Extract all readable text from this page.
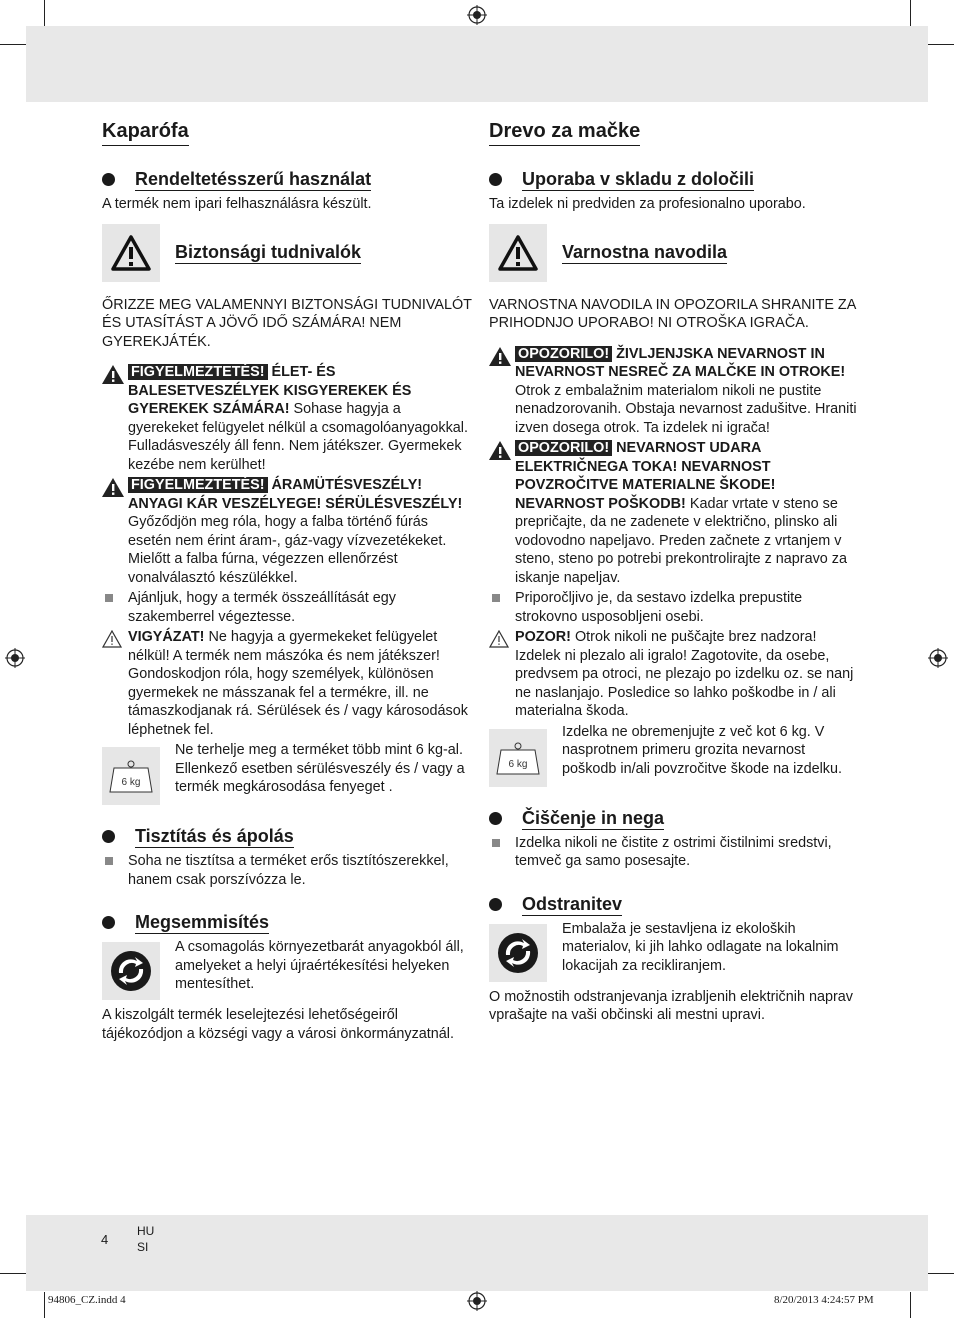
Kaparófa
Rendeltetésszerű használat

A termék nem ipari felhasználásra készült.

Biztonsági tudnivalók

ŐRIZZE MEG VALAMENNYI BIZTONSÁGI TUDNIVALÓT ÉS UTASÍTÁST A JÖVŐ IDŐ SZÁMÁRA! NEM GYEREKJÁTÉK.

FIGYELMEZTETÉS! ÉLET- ÉS BALESETVESZÉLYEK KISGYEREKEK ÉS GYEREKEK SZÁMÁRA! Sohase hagyja a gyerekeket felügyelet nélkül a csomagolóanyagokkal. Fulladásveszély áll fenn. Nem játékszer. Gyermekek kezébe nem kerülhet!

FIGYELMEZTETÉS! ÁRAMÜTÉSVESZÉLY! ANYAGI KÁR VESZÉLYEGE! SÉRÜLÉSVESZÉLY! Győződjön meg róla, hogy a falba történő fúrás esetén nem érint áram-, gáz-vagy vízvezetékeket. Mielőtt a falba fúrna, végezzen ellenőrzést vonalválasztó készülékkel.

Ajánljuk, hogy a termék összeállítását egy szakemberrel végeztesse.

VIGYÁZAT! Ne hagyja a gyermekeket felügyelet nélkül! A termék nem mászóka és nem játékszer! Gondoskodjon róla, hogy személyek, különösen gyermekek ne másszanak fel a termékre, ill. ne támaszkodjanak rá. Sérülések és / vagy károsodások léphetnek fel.

6 kg

Ne terhelje meg a terméket több mint 6 kg-al. Ellenkező esetben sérülésveszély és / vagy a termék megkárosodása fenyeget .

Tisztítás és ápolás

Soha ne tisztítsa a terméket erős tisztítószerekkel, hanem csak porszívózza le.

Megsemmisítés

A csomagolás környezetbarát anyagokból áll, amelyeket a helyi újraértékesítési helyeken mentesíthet.

A kiszolgált termék leselejtezési lehetőségeiről tájékozódjon a községi vagy a városi önkormányzatnál.

Drevo za mačke
Uporaba v skladu z določili

Ta izdelek ni predviden za profesionalno uporabo.

Varnostna navodila

VARNOSTNA NAVODILA IN OPOZORILA SHRANITE ZA PRIHODNJO UPORABO! NI OTROŠKA IGRAČA.

OPOZORILO! ŽIVLJENJSKA NEVARNOST IN NEVARNOST NESREČ ZA MALČKE IN OTROKE! Otrok z embalažnim materialom nikoli ne pustite nenadzorovanih. Obstaja nevarnost zadušitve. Hraniti izven dosega otrok. Ta izdelek ni igrača!

OPOZORILO! NEVARNOST UDARA ELEKTRIČNEGA TOKA! NEVARNOST POVZROČITVE MATERIALNE ŠKODE! NEVARNOST POŠKODB! Kadar vrtate v steno se prepričajte, da ne zadenete v električno, plinsko ali vodovodno napeljavo. Preden začnete z vrtanjem v steno, steno po potrebi prekontrolirajte z napravo za iskanje napeljav.

Priporočljivo je, da sestavo izdelka prepustite strokovno usposobljeni osebi.

POZOR! Otrok nikoli ne puščajte brez nadzora! Izdelek ni plezalo ali igralo! Zagotovite, da osebe, predvsem pa otroci, ne plezajo po izdelku oz. se nanj ne naslanjajo. Posledice so lahko poškodbe in / ali materialna škoda.

6 kg

Izdelka ne obremenjujte z več kot 6 kg. V nasprotnem primeru grozita nevarnost poškodb in/ali povzročitve škode na izdelku.

Čiščenje in nega

Izdelka nikoli ne čistite z ostrimi čistilnimi sredstvi, temveč ga samo posesajte.

Odstranitev

Embalaža je sestavljena iz ekoloških materialov, ki jih lahko odlagate na lokalnim lokacijah za recikliranjem.

O možnostih odstranjevanja izrabljenih električnih naprav vprašajte na vaši občinski ali mestni upravi.

4
HU
SI
94806_CZ.indd 4	8/20/2013 4:24:57 PM
